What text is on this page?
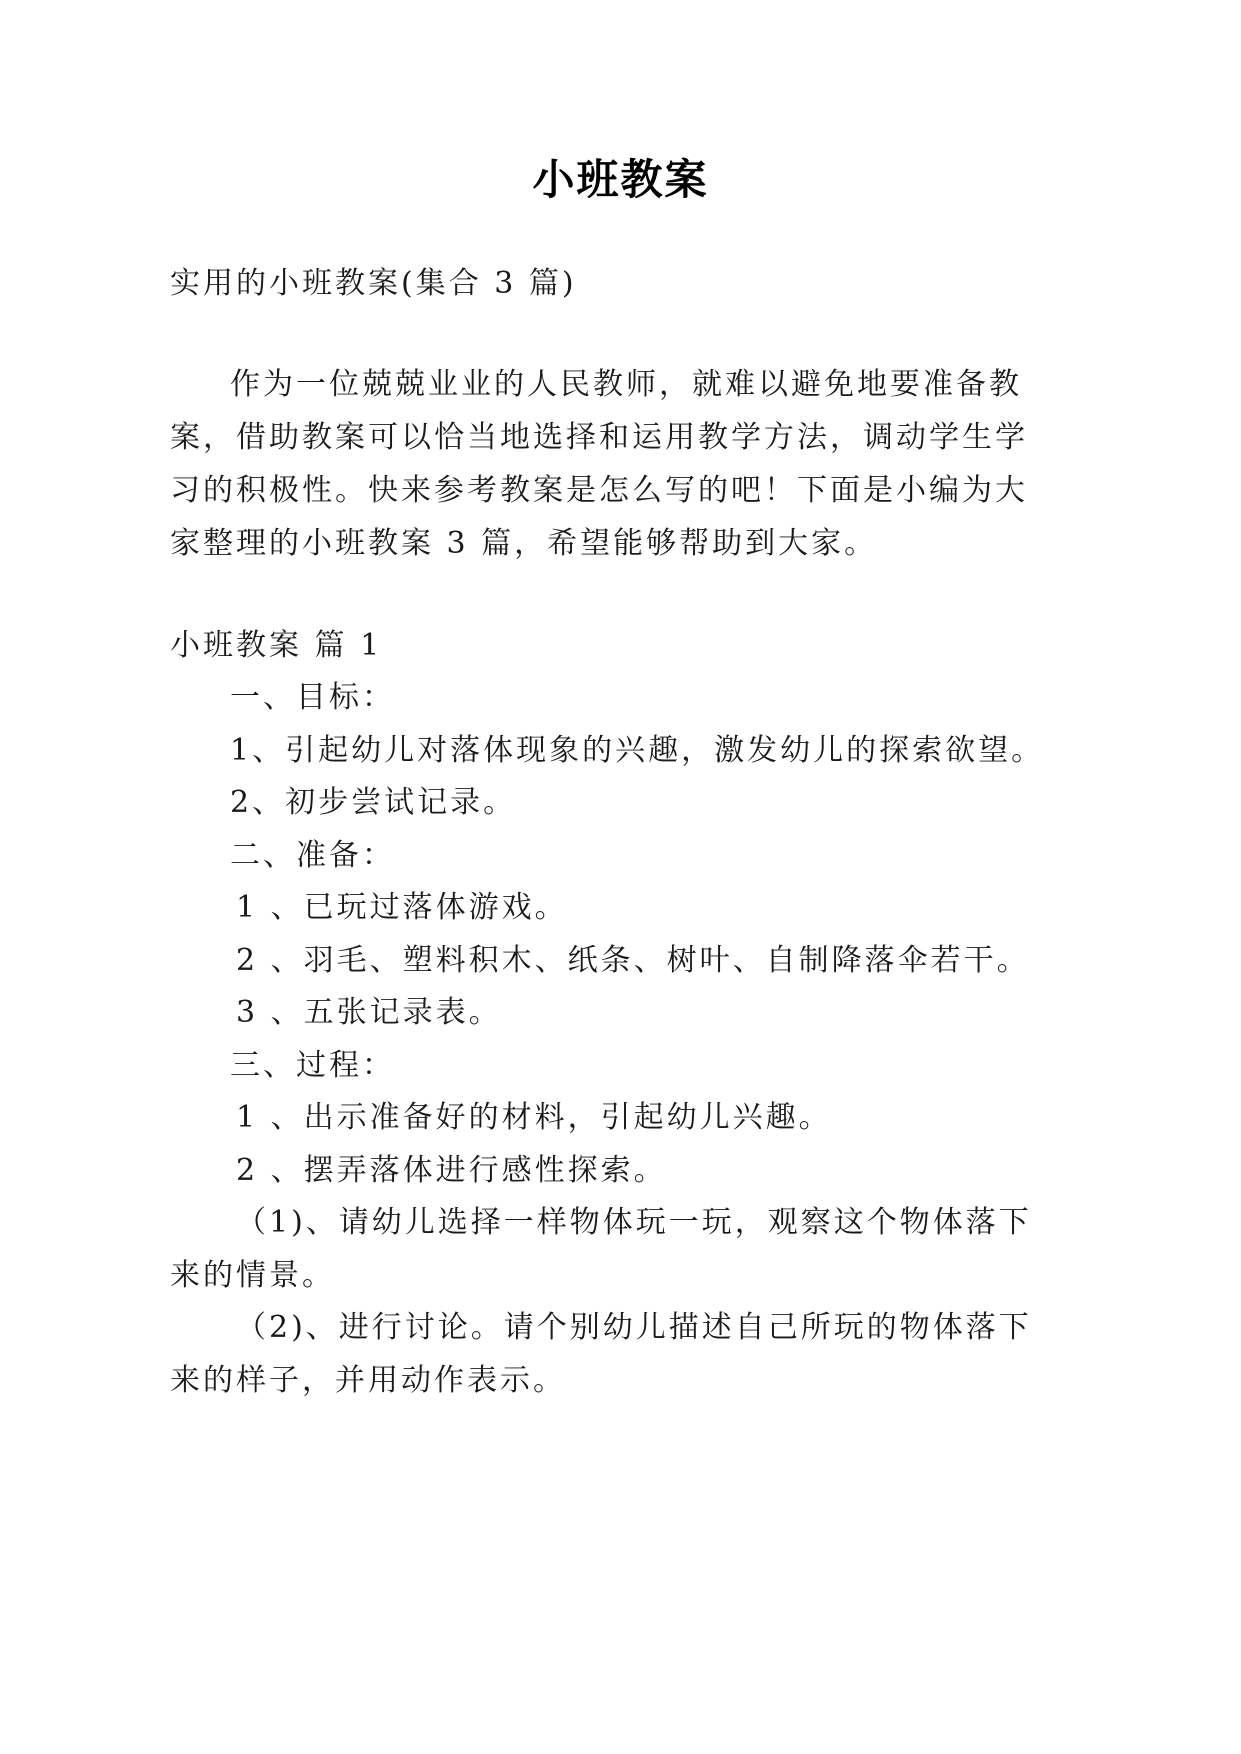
小班教案
实用的小班教案(集合 3 篇)
作为一位兢兢业业的人民教师，就难以避免地要准备教
案，借助教案可以恰当地选择和运用教学方法，调动学生学
习的积极性。快来参考教案是怎么写的吧！下面是小编为大
家整理的小班教案 3 篇，希望能够帮助到大家。
小班教案 篇 1
一、目标：
1、引起幼儿对落体现象的兴趣，激发幼儿的探索欲望。
2、初步尝试记录。
二、准备：
1 、已玩过落体游戏。
2 、羽毛、塑料积木、纸条、树叶、自制降落伞若干。
3 、五张记录表。
三、过程：
1 、出示准备好的材料，引起幼儿兴趣。
2 、摆弄落体进行感性探索。
（1)、请幼儿选择一样物体玩一玩，观察这个物体落下
来的情景。
（2)、进行讨论。请个别幼儿描述自己所玩的物体落下
来的样子，并用动作表示。
